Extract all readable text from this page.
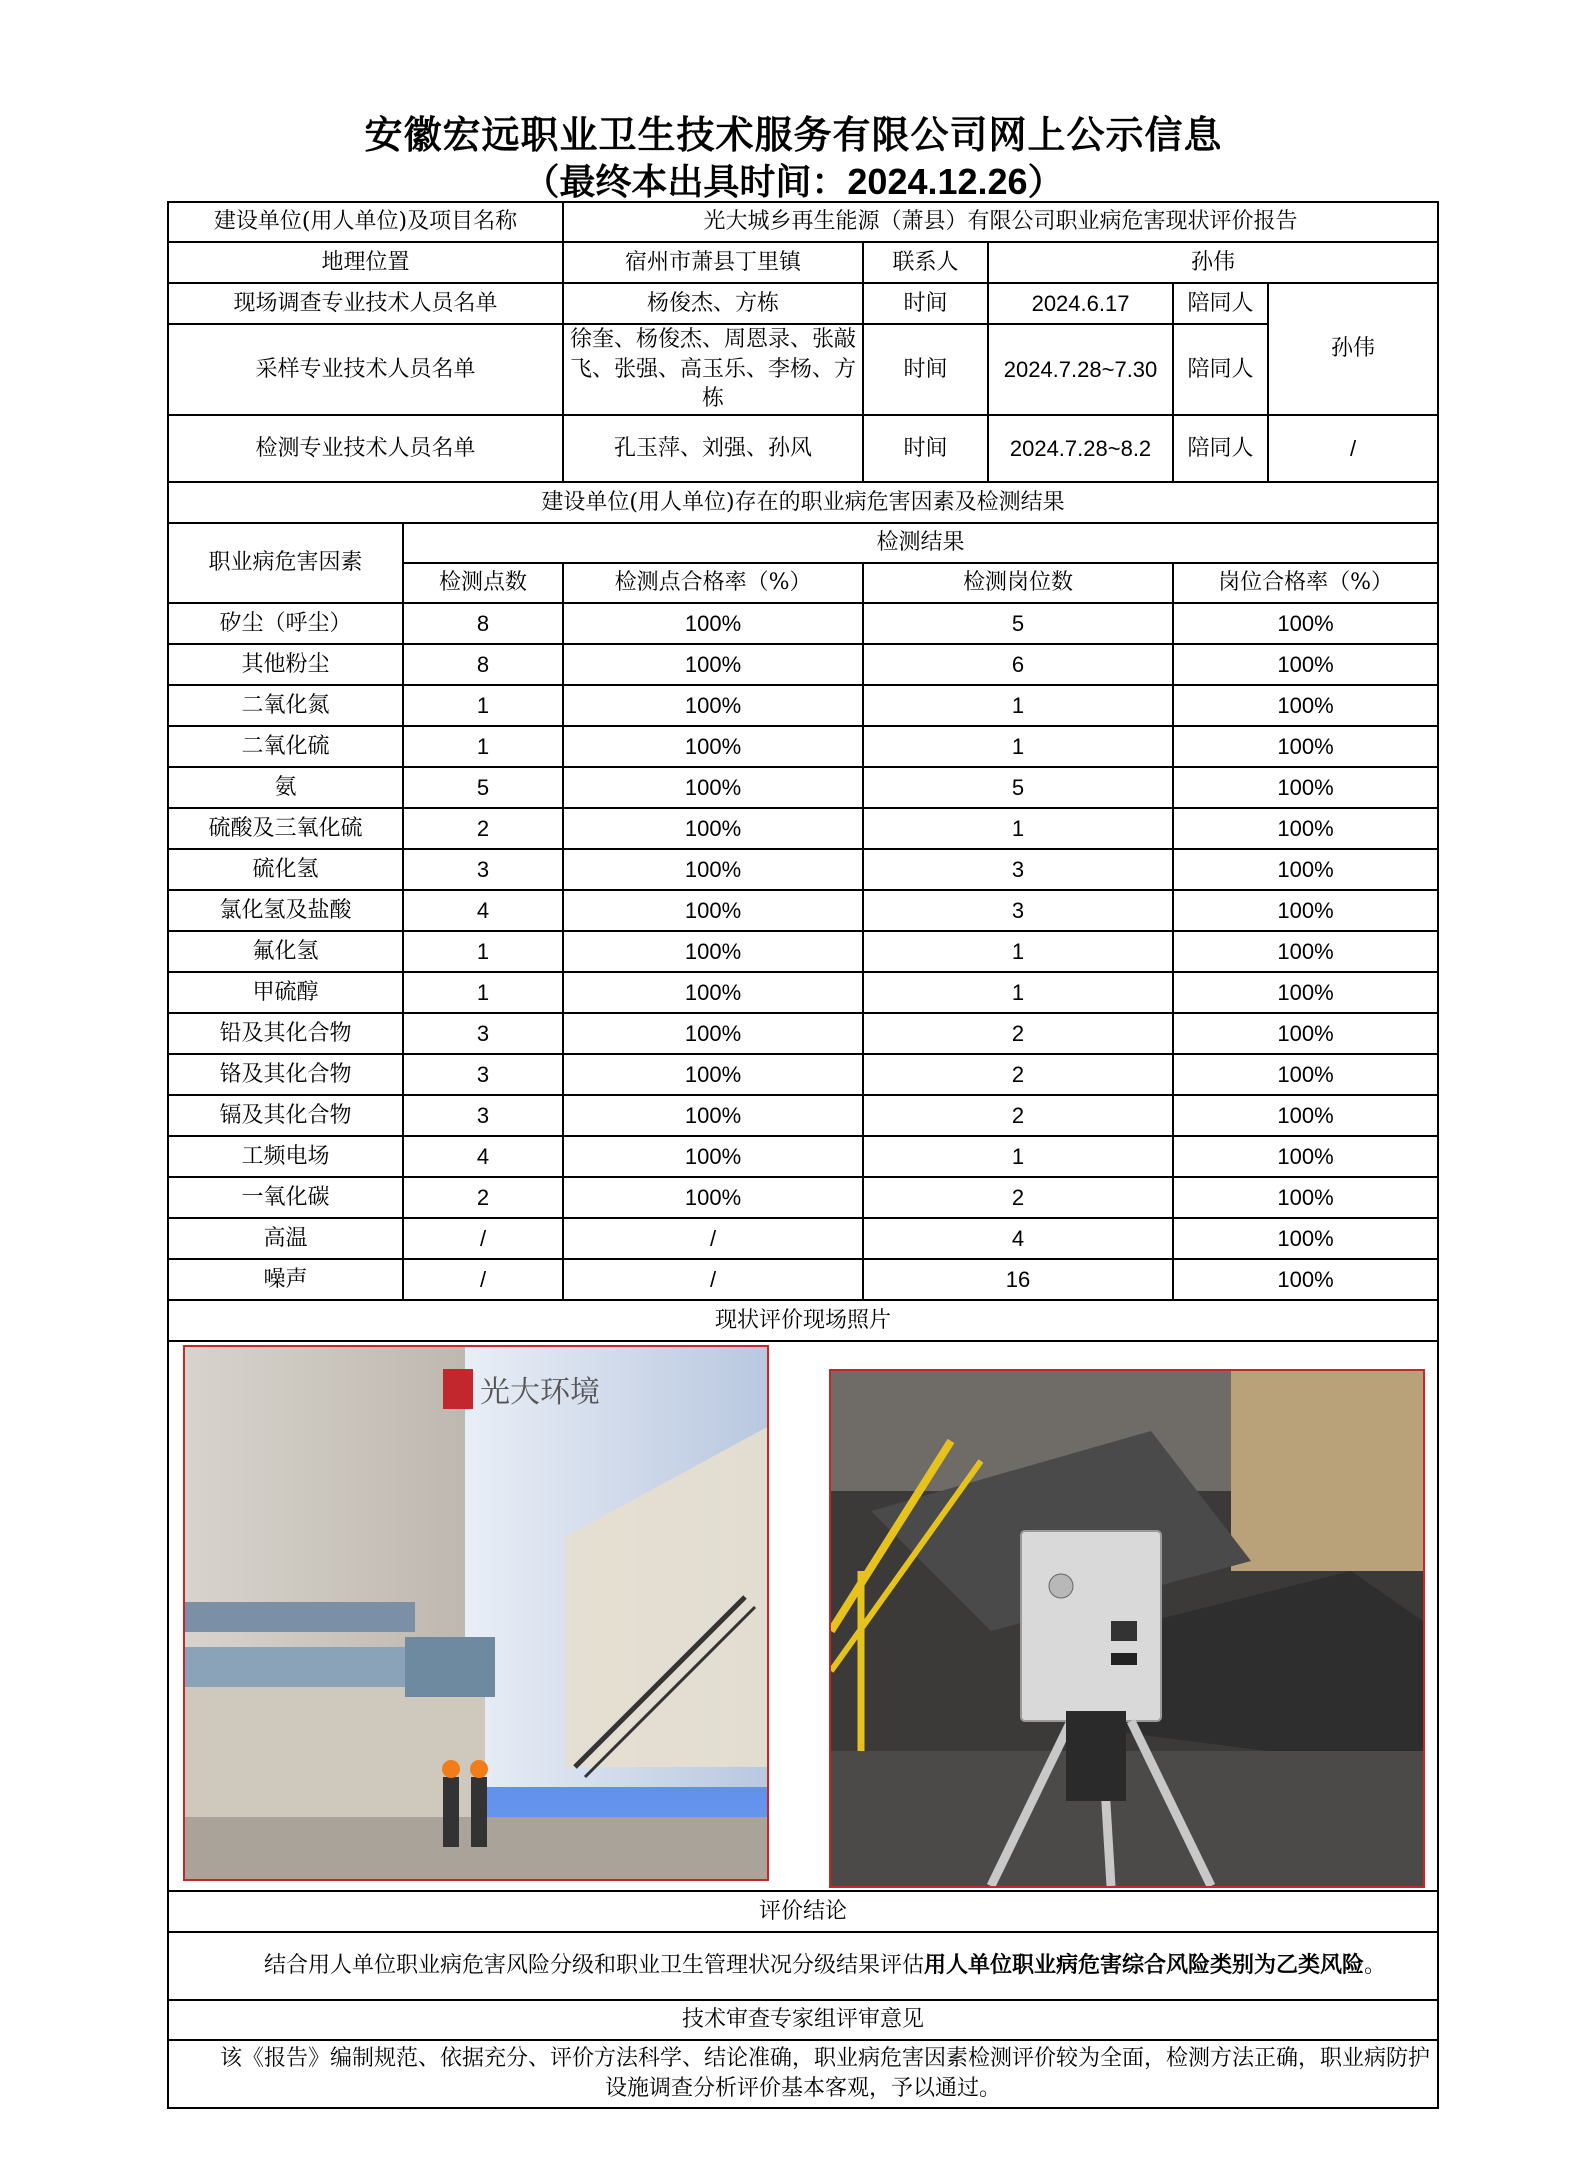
安徽宏远职业卫生技术服务有限公司网上公示信息
（最终本出具时间：2024.12.26）
建设单位(用人单位)及项目名称		光大城乡再生能源（萧县）有限公司职业病危害现状评价报告				
地理位置		宿州市萧县丁里镇	联系人	孙伟		
现场调查专业技术人员名单		杨俊杰、方栋	时间	2024.6.17	陪同人	孙伟
采样专业技术人员名单		徐奎、杨俊杰、周恩录、张敲飞、张强、高玉乐、李杨、方栋	时间	2024.7.28~7.30	陪同人	
检测专业技术人员名单		孔玉萍、刘强、孙风	时间	2024.7.28~8.2	陪同人	/
建设单位(用人单位)存在的职业病危害因素及检测结果						
职业病危害因素	检测结果					
	检测点数	检测点合格率（%）	检测岗位数		岗位合格率（%）	
矽尘（呼尘）	8	100%	5		100%	
其他粉尘	8	100%	6		100%	
二氧化氮	1	100%	1		100%	
二氧化硫	1	100%	1		100%	
氨	5	100%	5		100%	
硫酸及三氧化硫	2	100%	1		100%	
硫化氢	3	100%	3		100%	
氯化氢及盐酸	4	100%	3		100%	
氟化氢	1	100%	1		100%	
甲硫醇	1	100%	1		100%	
铅及其化合物	3	100%	2		100%	
铬及其化合物	3	100%	2		100%	
镉及其化合物	3	100%	2		100%	
工频电场	4	100%	1		100%	
一氧化碳	2	100%	2		100%	
高温	/	/	4		100%	
噪声	/	/	16		100%	
现状评价现场照片						

光大环境						

评价结论						
  结合用人单位职业病危害风险分级和职业卫生管理状况分级结果评估用人单位职业病危害综合风险类别为乙类风险。						
技术审查专家组评审意见						
  该《报告》编制规范、依据充分、评价方法科学、结论准确，职业病危害因素检测评价较为全面，检测方法正确，职业病防护设施调查分析评价基本客观，予以通过。						
